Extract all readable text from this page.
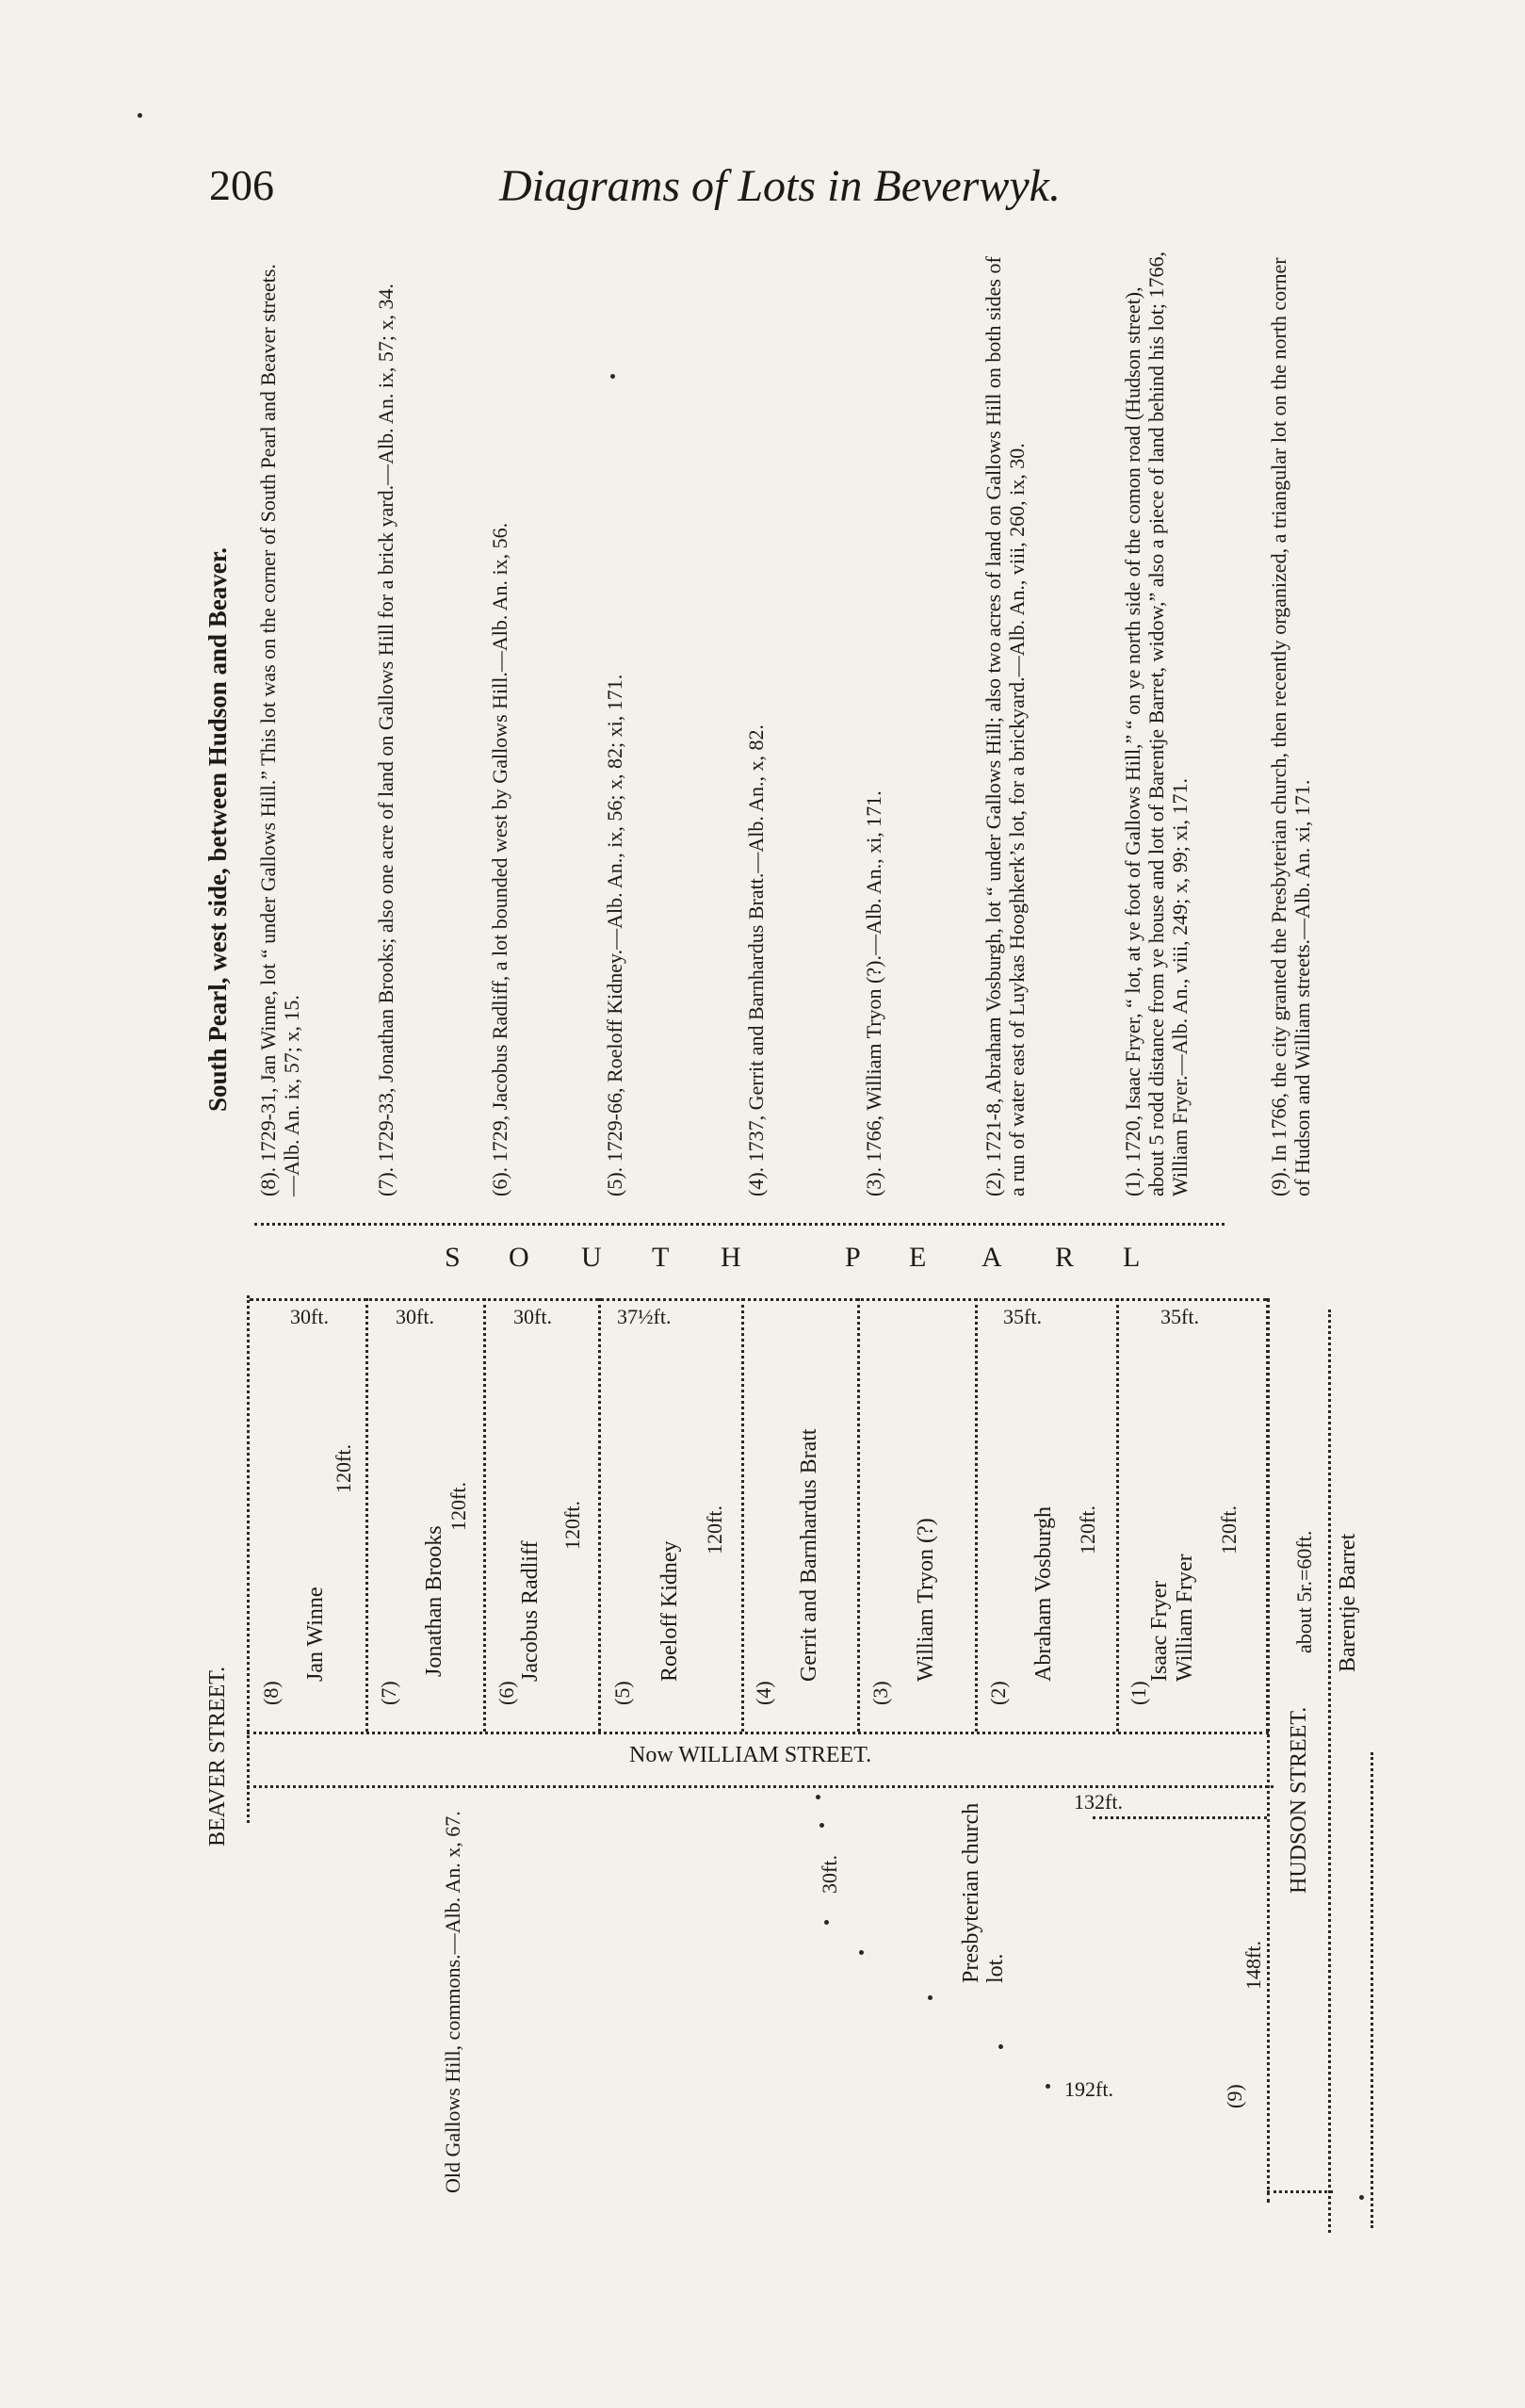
206	Diagrams of Lots in Beverwyk.
South Pearl, west side, between Hudson and Beaver. (8). 1729-31, Jan Winne, lot “ under Gallows Hill.” This lot was on the corner of South Pearl and Beaver streets.—Alb. An. ix, 57; x, 15.	(7). 1729-33, Jonathan Brooks; also one acre of land on Gallows Hill for a brick yard.—Alb. An. ix, 57; x, 34.	(6). 1729, Jacobus Radliff, a lot bounded west by Gallows Hill.—Alb. An. ix, 56.	(5). 1729-66, Roeloff Kidney.—Alb. An., ix, 56; x, 82; xi, 171.	(4). 1737, Gerrit and Barnhardus Bratt.—Alb. An., x, 82.	(3). 1766, William Tryon (?).—Alb. An., xi, 171.	(2). 1721-8, Abraham Vosburgh, lot “ under Gallows Hill; also two acres of land on Gallows Hill on both sides of a run of water east of Luykas Hooghkerk’s lot, for a brickyard.—Alb. An., viii, 260, ix, 30.	(1). 1720, Isaac Fryer, “ lot, at ye foot of Gallows Hill,” “ on ye north side of the comon road (Hudson street), about 5 rodd distance from ye house and lott of Barentje Barret, widow,” also a piece of land behind his lot; 1766, William Fryer.—Alb. An., viii, 249; x, 99; xi, 171.	(9). In 1766, the city granted the Presbyterian church, then recently organized, a triangular lot on the north corner of Hudson and William streets.—Alb. An. xi, 171.
S O U T H	P E A R L
BEAVER STREET.
30ft.	30ft.	30ft.	37½ft.	35ft.	35ft.
(8)
Jan Winne
120ft.
(7)
Jonathan Brooks
120ft.
(6)
Jacobus Radliff
120ft.
(5)
Roeloff Kidney
120ft.
(4)
Gerrit and Barnhardus Bratt
(3)
William Tryon (?)
(2)
Abraham Vosburgh 120ft.
(1)
Isaac Fryer William Fryer
120ft.
Now WILLIAM STREET.
Old Gallows Hill, commons.—Alb. An. x, 67.	Presbyterian church lot.
30ft.
132ft.
148ft.
192ft.	(9)
HUDSON STREET.
about 5r.=60ft. Barentje Barret
